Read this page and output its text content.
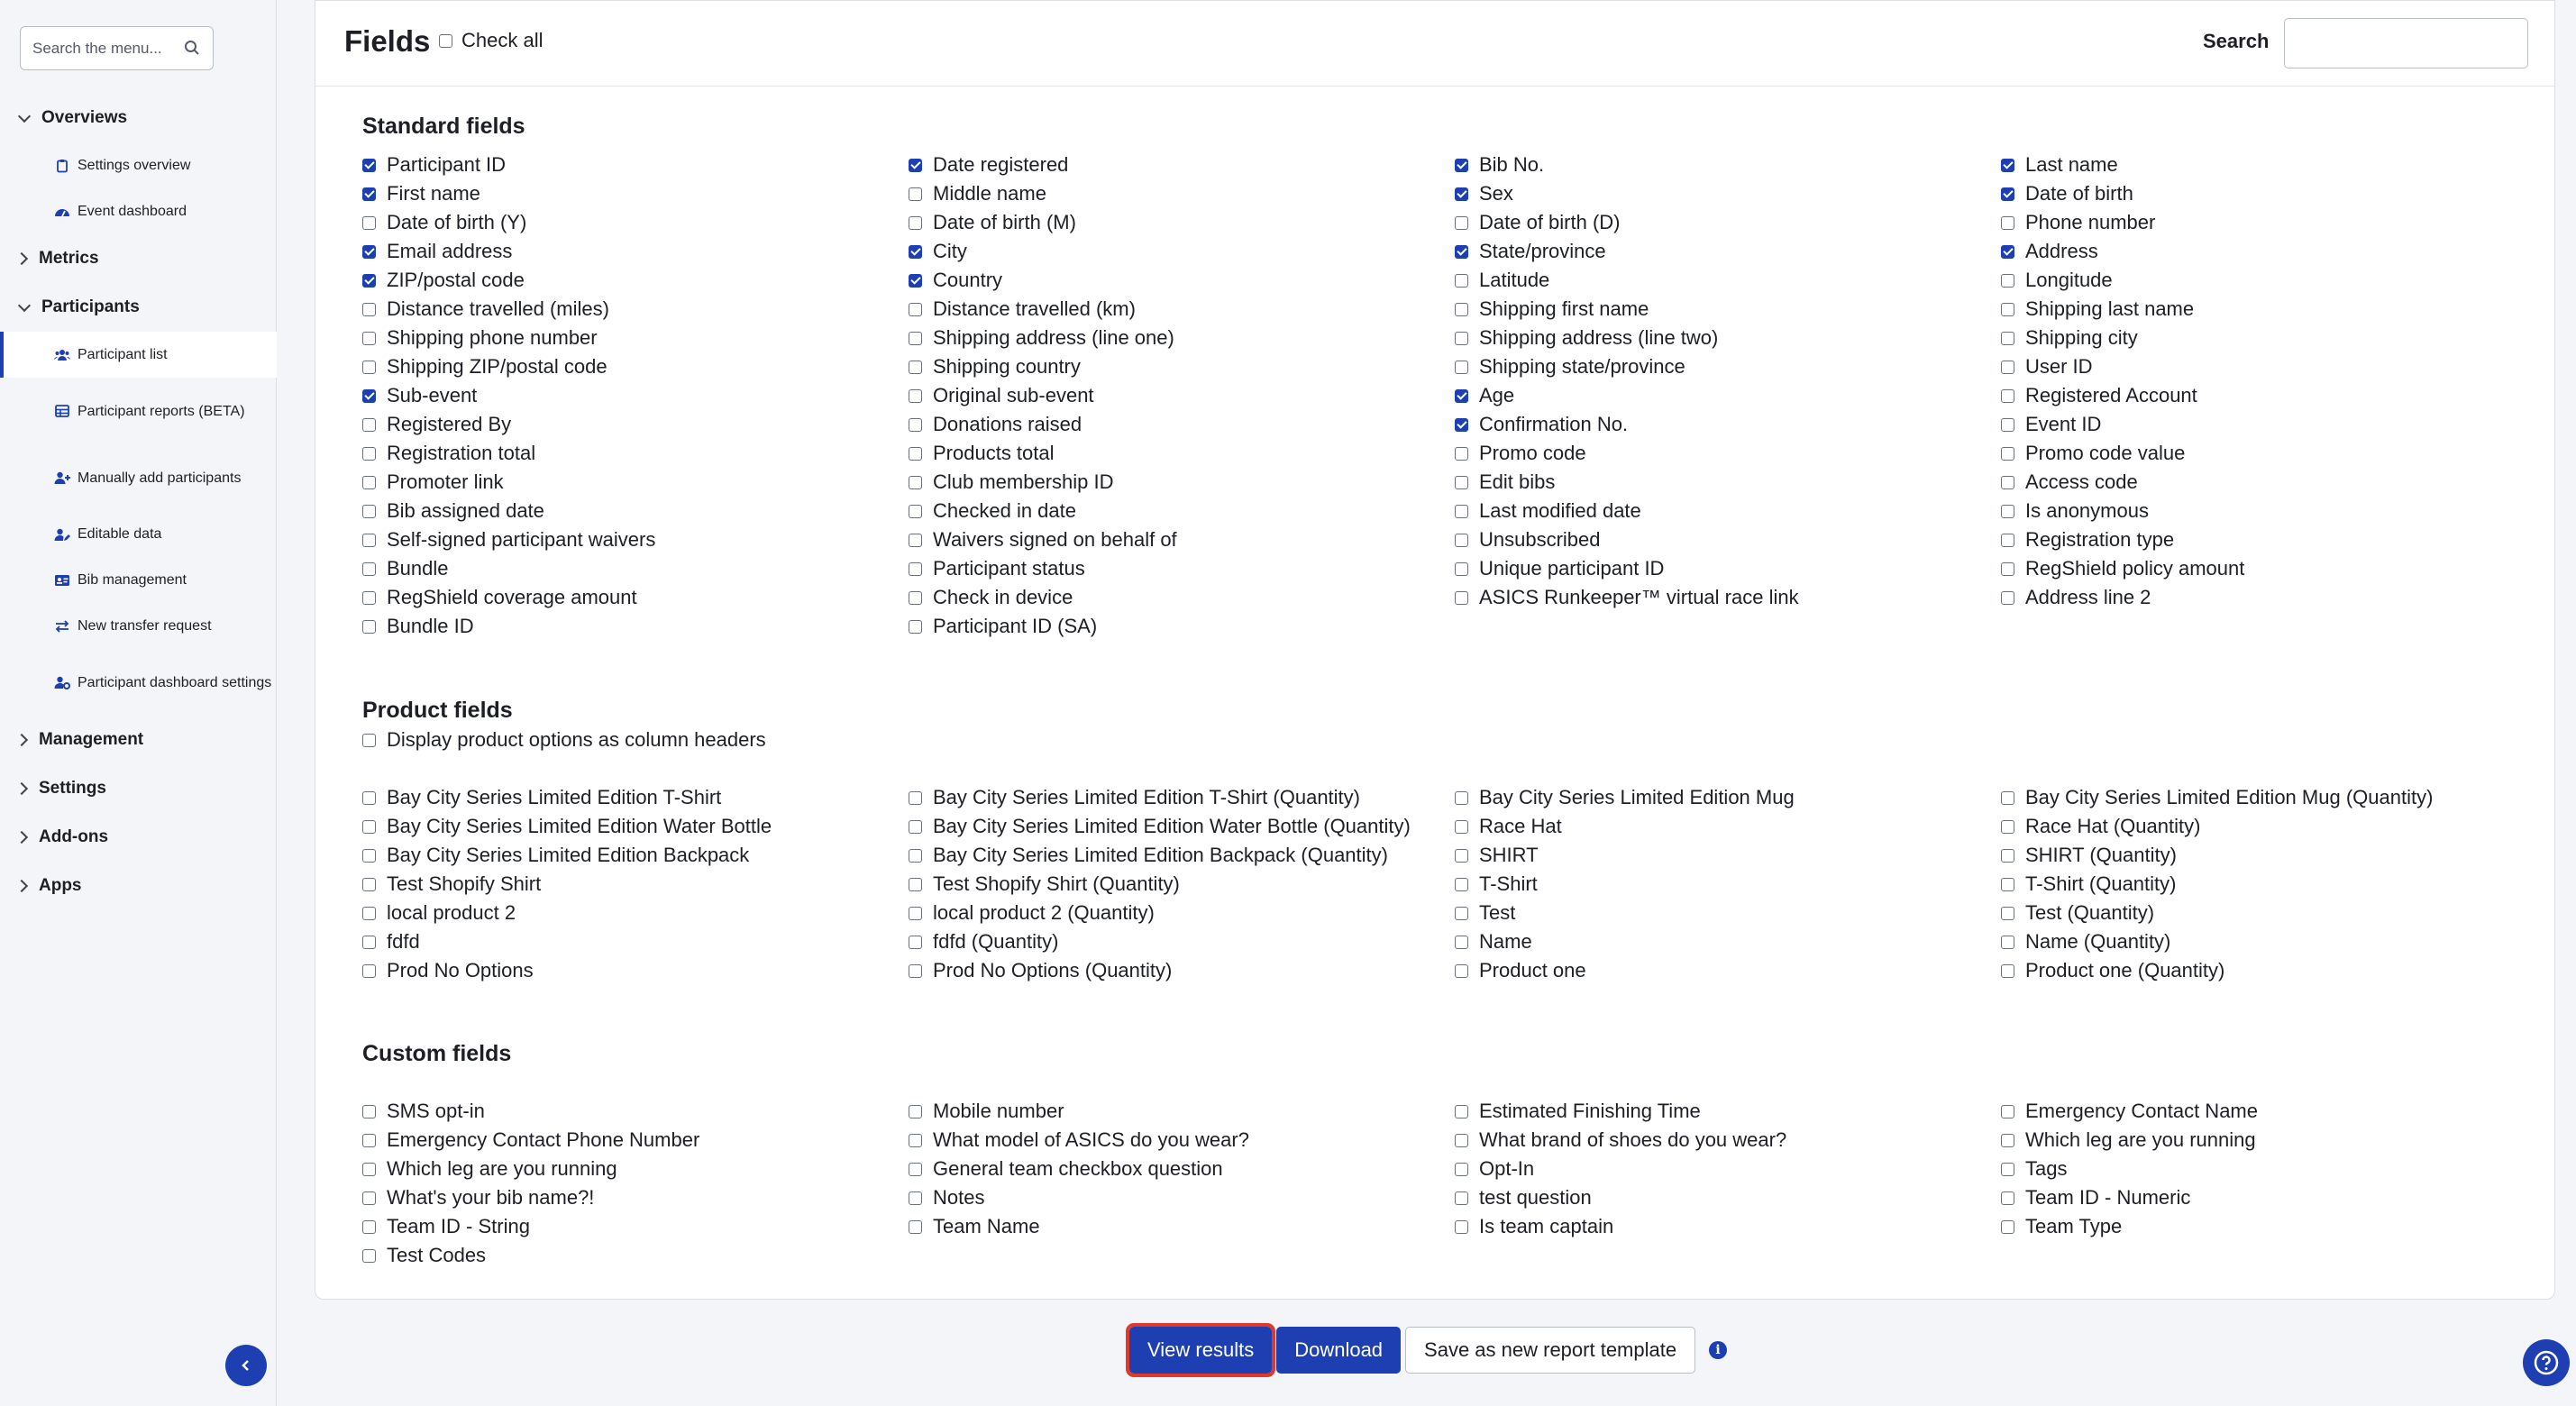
Search the menu...
Overviews
Settings overview
Event dashboard
Metrics
Participants
Participant list
Participant reports (BETA)
Manually add participants
Editable data
Bib management
New transfer request
Participant dashboard settings
Management
Settings
Add-ons
Apps
Fields Check all	Search
Standard fields
Participant ID	Date registered	Bib No.	Last name
First name	Middle name	Sex	Date of birth
Date of birth (Y)	Date of birth (M)	Date of birth (D)	Phone number
Email address	City	State/province	Address
ZIP/postal code	Country	Latitude	Longitude
Distance travelled (miles)	Distance travelled (km)	Shipping first name	Shipping last name
Shipping phone number	Shipping address (line one)	Shipping address (line two)	Shipping city
Shipping ZIP/postal code	Shipping country	Shipping state/province	User ID
Sub-event	Original sub-event	Age	Registered Account
Registered By	Donations raised	Confirmation No.	Event ID
Registration total	Products total	Promo code	Promo code value
Promoter link	Club membership ID	Edit bibs	Access code
Bib assigned date	Checked in date	Last modified date	Is anonymous
Self-signed participant waivers	Waivers signed on behalf of	Unsubscribed	Registration type
Bundle	Participant status	Unique participant ID	RegShield policy amount
RegShield coverage amount	Check in device	ASICS Runkeeper™ virtual race link	Address line 2
Bundle ID	Participant ID (SA)
Product fields
Display product options as column headers
Bay City Series Limited Edition T-Shirt	Bay City Series Limited Edition T-Shirt (Quantity)	Bay City Series Limited Edition Mug	Bay City Series Limited Edition Mug (Quantity)
Bay City Series Limited Edition Water Bottle	Bay City Series Limited Edition Water Bottle (Quantity)	Race Hat	Race Hat (Quantity)
Bay City Series Limited Edition Backpack	Bay City Series Limited Edition Backpack (Quantity)	SHIRT	SHIRT (Quantity)
Test Shopify Shirt	Test Shopify Shirt (Quantity)	T-Shirt	T-Shirt (Quantity)
local product 2	local product 2 (Quantity)	Test	Test (Quantity)
fdfd	fdfd (Quantity)	Name	Name (Quantity)
Prod No Options	Prod No Options (Quantity)	Product one	Product one (Quantity)
Custom fields
SMS opt-in	Mobile number	Estimated Finishing Time	Emergency Contact Name
Emergency Contact Phone Number	What model of ASICS do you wear?	What brand of shoes do you wear?	Which leg are you running
Which leg are you running	General team checkbox question	Opt-In	Tags
What's your bib name?!	Notes	test question	Team ID - Numeric
Team ID - String	Team Name	Is team captain	Team Type
Test Codes
View results	Download	Save as new report template	i
